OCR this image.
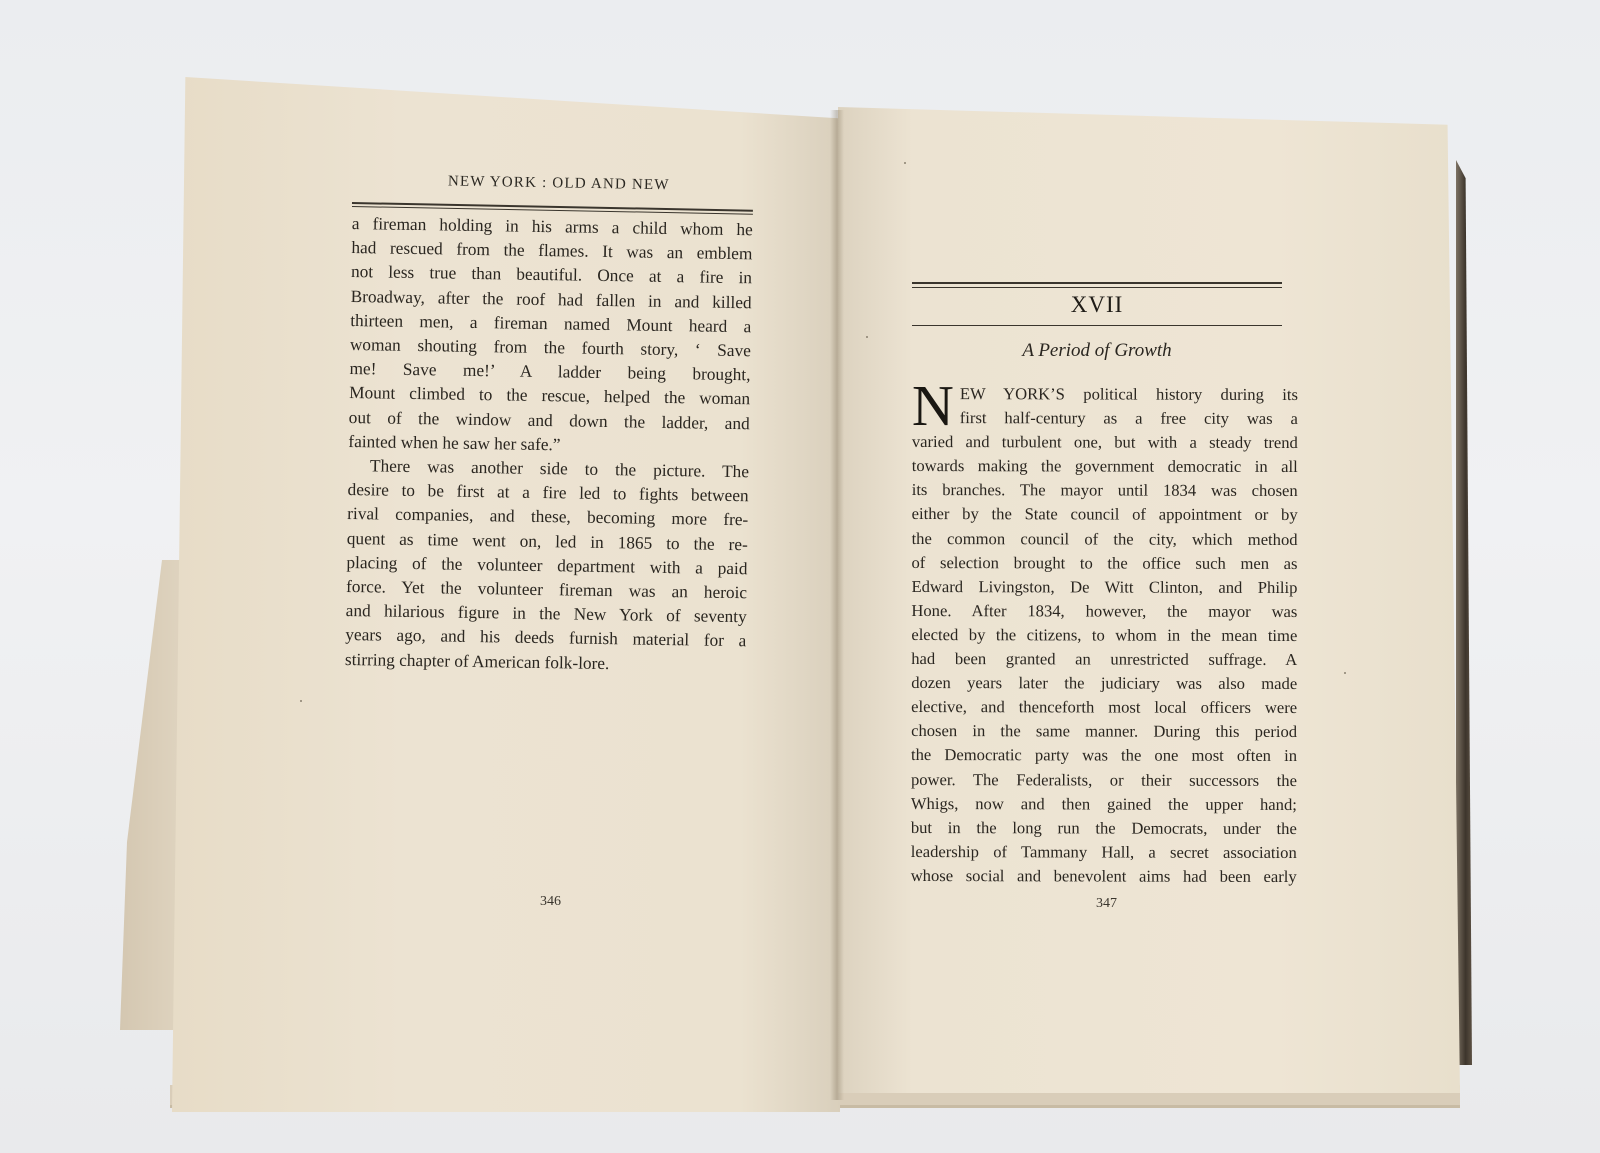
NEW YORK : OLD AND NEW
a fireman holding in his arms a child whom he
had rescued from the flames. It was an emblem
not less true than beautiful. Once at a fire in
Broadway, after the roof had fallen in and killed
thirteen men, a fireman named Mount heard a
woman shouting from the fourth story, ‘ Save
me! Save me!’ A ladder being brought,
Mount climbed to the rescue, helped the woman
out of the window and down the ladder, and
fainted when he saw her safe.”
There was another side to the picture. The
desire to be first at a fire led to fights between
rival companies, and these, becoming more fre-
quent as time went on, led in 1865 to the re-
placing of the volunteer department with a paid
force. Yet the volunteer fireman was an heroic
and hilarious figure in the New York of seventy
years ago, and his deeds furnish material for a
stirring chapter of American folk-lore.
346
XVII
A Period of Growth
N EW YORK’S political history during its
first half-century as a free city was a
varied and turbulent one, but with a steady trend
towards making the government democratic in all
its branches. The mayor until 1834 was chosen
either by the State council of appointment or by
the common council of the city, which method
of selection brought to the office such men as
Edward Livingston, De Witt Clinton, and Philip
Hone. After 1834, however, the mayor was
elected by the citizens, to whom in the mean time
had been granted an unrestricted suffrage. A
dozen years later the judiciary was also made
elective, and thenceforth most local officers were
chosen in the same manner. During this period
the Democratic party was the one most often in
power. The Federalists, or their successors the
Whigs, now and then gained the upper hand;
but in the long run the Democrats, under the
leadership of Tammany Hall, a secret association
whose social and benevolent aims had been early
347
